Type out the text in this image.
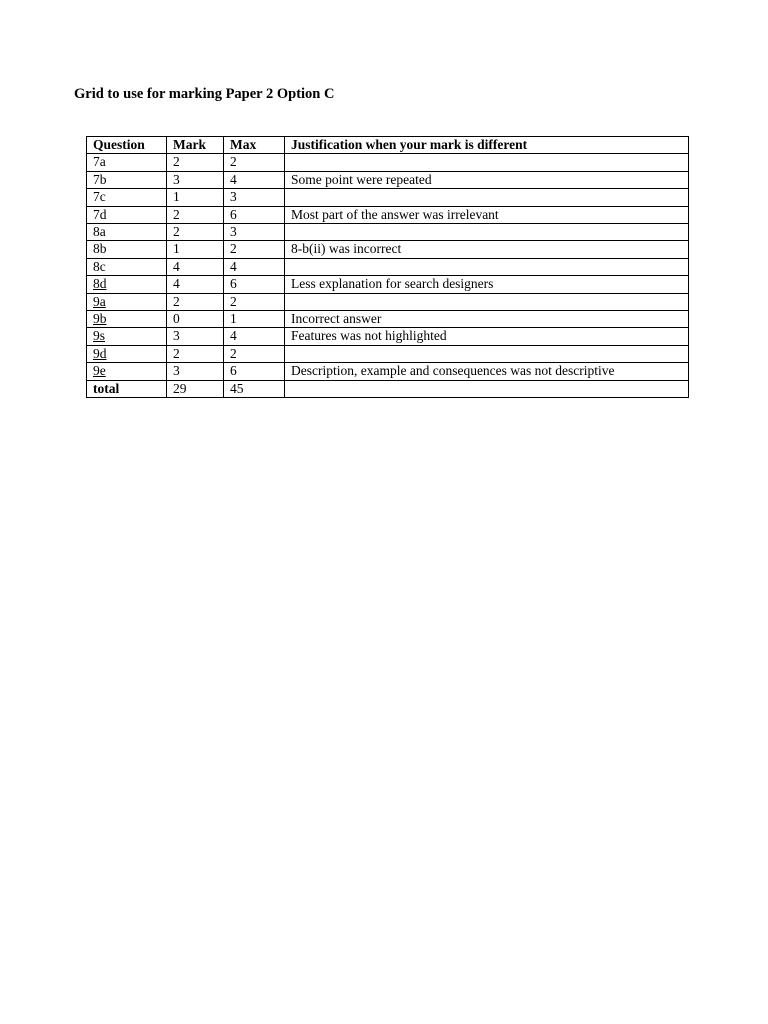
Grid to use for marking Paper 2 Option C
Question	Mark	Max	Justification when your mark is different
7a	2	2	
7b	3	4	Some point were repeated
7c	1	3	
7d	2	6	Most part of the answer was irrelevant
8a	2	3	
8b	1	2	8-b(ii) was incorrect
8c	4	4	
8d	4	6	Less explanation for search designers
9a	2	2	
9b	0	1	Incorrect answer
9s	3	4	Features was not highlighted
9d	2	2	
9e	3	6	Description, example and consequences was not descriptive
total	29	45	
